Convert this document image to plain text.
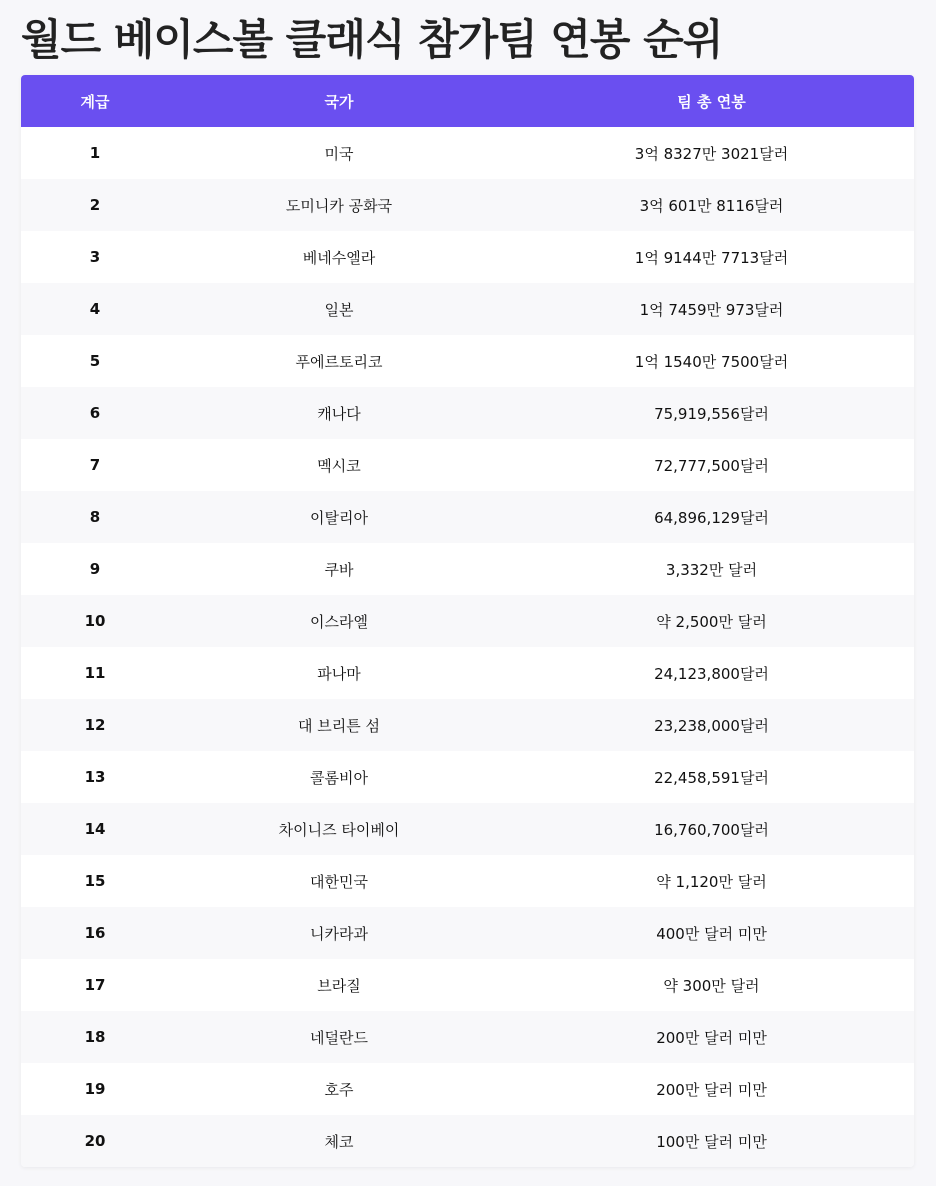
월드 베이스볼 클래식 참가팀 연봉 순위
계급	국가	팀 총 연봉
1	미국	3억 8327만 3021달러
2	도미니카 공화국	3억 601만 8116달러
3	베네수엘라	1억 9144만 7713달러
4	일본	1억 7459만 973달러
5	푸에르토리코	1억 1540만 7500달러
6	캐나다	75,919,556달러
7	멕시코	72,777,500달러
8	이탈리아	64,896,129달러
9	쿠바	3,332만 달러
10	이스라엘	약 2,500만 달러
11	파나마	24,123,800달러
12	대 브리튼 섬	23,238,000달러
13	콜롬비아	22,458,591달러
14	차이니즈 타이베이	16,760,700달러
15	대한민국	약 1,120만 달러
16	니카라과	400만 달러 미만
17	브라질	약 300만 달러
18	네덜란드	200만 달러 미만
19	호주	200만 달러 미만
20	체코	100만 달러 미만
